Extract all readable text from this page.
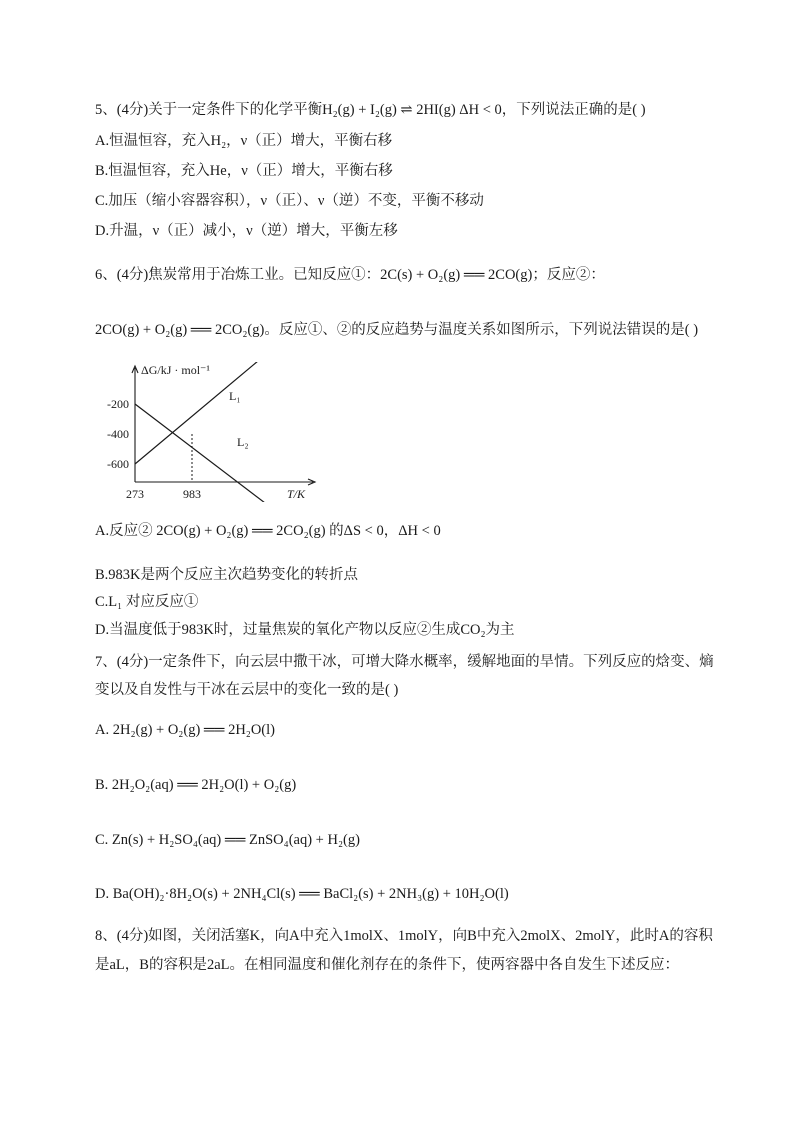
5、(4分)关于一定条件下的化学平衡H₂(g) + I₂(g) ⇌ 2HI(g) ΔH < 0，下列说法正确的是( )
A.恒温恒容，充入H₂，ν（正）增大，平衡右移
B.恒温恒容，充入He，ν（正）增大，平衡右移
C.加压（缩小容器容积），ν（正）、ν（逆）不变，平衡不移动
D.升温，ν（正）减小，ν（逆）增大，平衡左移
6、(4分)焦炭常用于冶炼工业。已知反应①：2C(s) + O₂(g) ══ 2CO(g)；反应②：
2CO(g) + O₂(g) ══ 2CO₂(g)。反应①、②的反应趋势与温度关系如图所示，下列说法错误的是( )
-200
-400
-600
273	983
ΔG/kJ · mol⁻¹
T/K
L₁
L₂
A.反应② 2CO(g) + O₂(g) ══ 2CO₂(g) 的ΔS < 0，ΔH < 0
B.983K是两个反应主次趋势变化的转折点
C.L₁ 对应反应①
D.当温度低于983K时，过量焦炭的氧化产物以反应②生成CO₂为主
7、(4分)一定条件下，向云层中撒干冰，可增大降水概率，缓解地面的旱情。下列反应的焓变、熵
变以及自发性与干冰在云层中的变化一致的是( )
A. 2H₂(g) + O₂(g) ══ 2H₂O(l)
B. 2H₂O₂(aq) ══ 2H₂O(l) + O₂(g)
C. Zn(s) + H₂SO₄(aq) ══ ZnSO₄(aq) + H₂(g)
D. Ba(OH)₂·8H₂O(s) + 2NH₄Cl(s) ══ BaCl₂(s) + 2NH₃(g) + 10H₂O(l)
8、(4分)如图，关闭活塞K，向A中充入1molX、1molY，向B中充入2molX、2molY，此时A的容积
是aL，B的容积是2aL。在相同温度和催化剂存在的条件下，使两容器中各自发生下述反应：
